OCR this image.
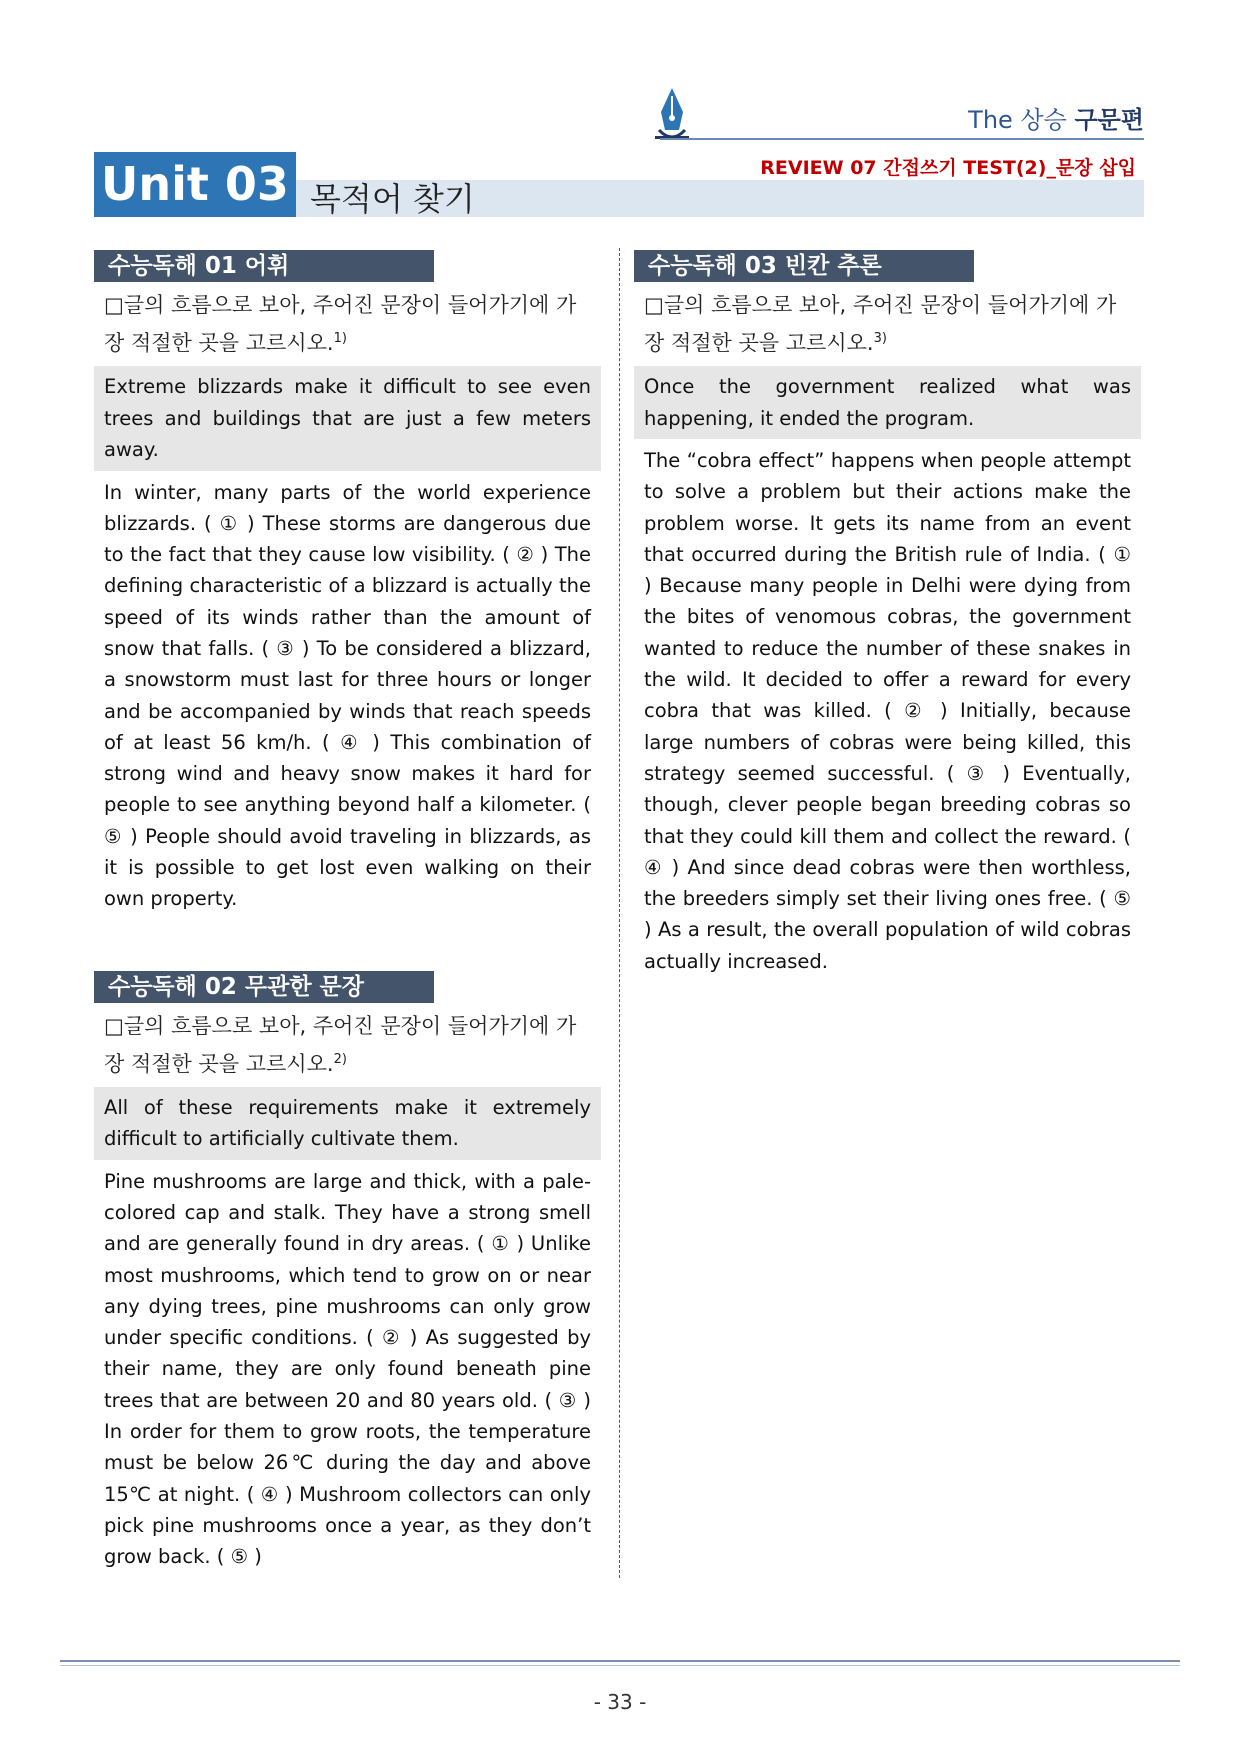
The 상승 구문편
REVIEW 07 간접쓰기 TEST(2)_문장 삽입
Unit 03 목적어 찾기
수능독해 01 어휘
□글의 흐름으로 보아, 주어진 문장이 들어가기에 가장 적절한 곳을 고르시오.$^{1)}$
Extreme blizzards make it difficult to see even trees and buildings that are just a few meters away.
In winter, many parts of the world experience blizzards. ( ① ) These storms are dangerous due to the fact that they cause low visibility. ( ② ) The defining characteristic of a blizzard is actually the speed of its winds rather than the amount of snow that falls. ( ③ ) To be considered a blizzard, a snowstorm must last for three hours or longer and be accompanied by winds that reach speeds of at least 56 km/h. ( ④ ) This combination of strong wind and heavy snow makes it hard for people to see anything beyond half a kilometer. ( ⑤ ) People should avoid traveling in blizzards, as it is possible to get lost even walking on their own property.
수능독해 02 무관한 문장
□글의 흐름으로 보아, 주어진 문장이 들어가기에 가장 적절한 곳을 고르시오.$^{2)}$
All of these requirements make it extremely difficult to artificially cultivate them.
Pine mushrooms are large and thick, with a pale-colored cap and stalk. They have a strong smell and are generally found in dry areas. ( ① ) Unlike most mushrooms, which tend to grow on or near any dying trees, pine mushrooms can only grow under specific conditions. ( ② ) As suggested by their name, they are only found beneath pine trees that are between 20 and 80 years old. ( ③ ) In order for them to grow roots, the temperature must be below 26℃ during the day and above 15℃ at night. ( ④ ) Mushroom collectors can only pick pine mushrooms once a year, as they don’t grow back. ( ⑤ )
수능독해 03 빈칸 추론
□글의 흐름으로 보아, 주어진 문장이 들어가기에 가장 적절한 곳을 고르시오.$^{3)}$
Once the government realized what was happening, it ended the program.
The “cobra effect” happens when people attempt to solve a problem but their actions make the problem worse. It gets its name from an event that occurred during the British rule of India. ( ① ) Because many people in Delhi were dying from the bites of venomous cobras, the government wanted to reduce the number of these snakes in the wild. It decided to offer a reward for every cobra that was killed. ( ② ) Initially, because large numbers of cobras were being killed, this strategy seemed successful. ( ③ ) Eventually, though, clever people began breeding cobras so that they could kill them and collect the reward. ( ④ ) And since dead cobras were then worthless, the breeders simply set their living ones free. ( ⑤ ) As a result, the overall population of wild cobras actually increased.
- 33 -
